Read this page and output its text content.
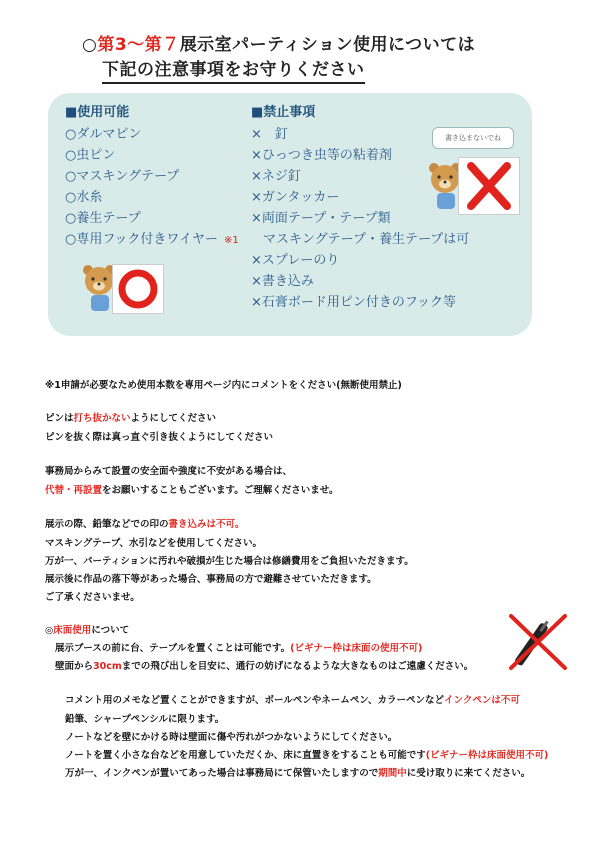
○第3〜第７展示室パーティション使用については
下記の注意事項をお守りください
■使用可能	■禁止事項
○ダルマピン
○虫ピン
○マスキングテープ
○水糸
○養生テープ
○専用フック付きワイヤー ※1
×　釘
×ひっつき虫等の粘着剤
×ネジ釘
×ガンタッカー
×両面テープ・テープ類
マスキングテープ・養生テープは可
×スプレーのり
×書き込み
×石膏ボード用ピン付きのフック等
書き込まないでね
※1申請が必要なため使用本数を専用ページ内にコメントをください(無断使用禁止)
ピンは打ち抜かないようにしてください
ピンを抜く際は真っ直ぐ引き抜くようにしてください
事務局からみて設置の安全面や強度に不安がある場合は、
代替・再設置をお願いすることもございます。ご理解くださいませ。
展示の際、鉛筆などでの印の書き込みは不可。
マスキングテープ、水引などを使用してください。
万が一、パーティションに汚れや破損が生じた場合は修繕費用をご負担いただきます。
展示後に作品の落下等があった場合、事務局の方で避難させていただきます。
ご了承くださいませ。
◎床面使用について
展示ブースの前に台、テーブルを置くことは可能です。(ビギナー枠は床面の使用不可)
壁面から30cmまでの飛び出しを目安に、通行の妨げになるような大きなものはご遠慮ください。
コメント用のメモなど置くことができますが、ボールペンやネームペン、カラーペンなどインクペンは不可
鉛筆、シャープペンシルに限ります。
ノートなどを壁にかける時は壁面に傷や汚れがつかないようにしてください。
ノートを置く小さな台などを用意していただくか、床に直置きをすることも可能です(ビギナー枠は床面使用不可)
万が一、インクペンが置いてあった場合は事務局にて保管いたしますので期間中に受け取りに来てください。
